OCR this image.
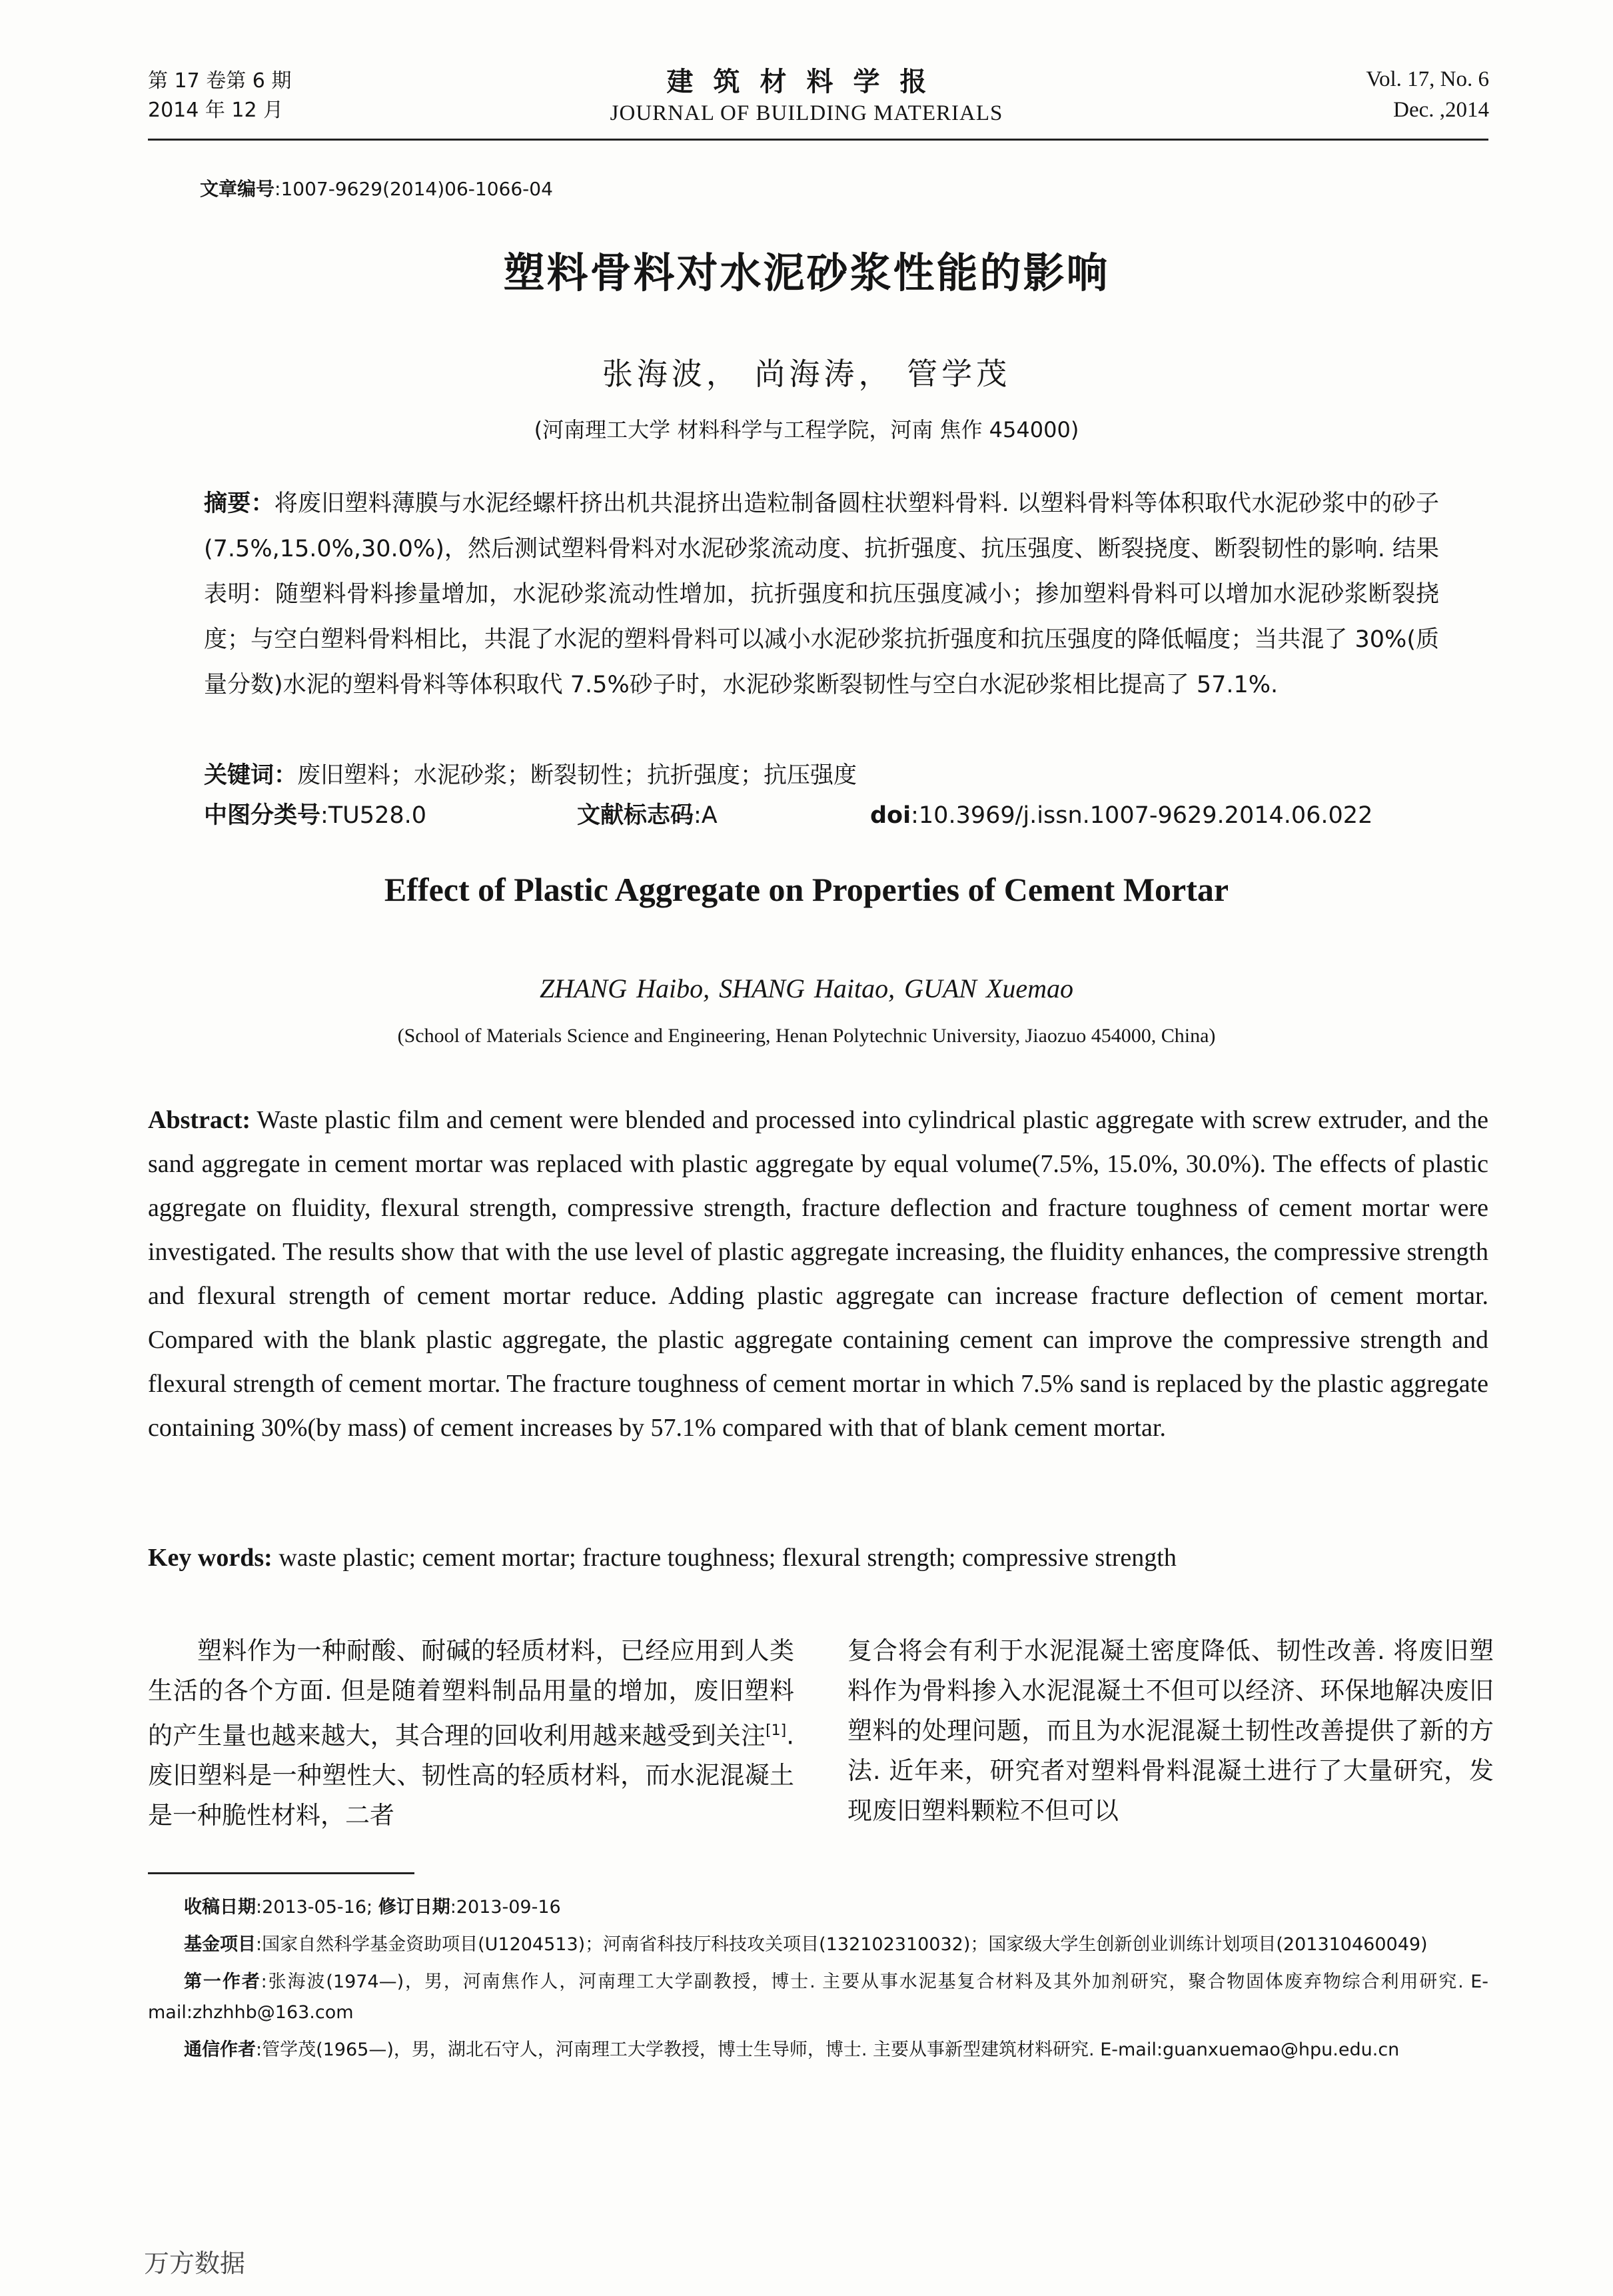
第 17 卷第 6 期
2014 年 12 月
建筑材料学报
JOURNAL OF BUILDING MATERIALS
Vol. 17, No. 6
Dec. ,2014
文章编号:1007-9629(2014)06-1066-04
塑料骨料对水泥砂浆性能的影响
张海波， 尚海涛， 管学茂
(河南理工大学 材料科学与工程学院，河南 焦作 454000)
摘要：将废旧塑料薄膜与水泥经螺杆挤出机共混挤出造粒制备圆柱状塑料骨料. 以塑料骨料等体积取代水泥砂浆中的砂子(7.5%,15.0%,30.0%)，然后测试塑料骨料对水泥砂浆流动度、抗折强度、抗压强度、断裂挠度、断裂韧性的影响. 结果表明：随塑料骨料掺量增加，水泥砂浆流动性增加，抗折强度和抗压强度减小；掺加塑料骨料可以增加水泥砂浆断裂挠度；与空白塑料骨料相比，共混了水泥的塑料骨料可以减小水泥砂浆抗折强度和抗压强度的降低幅度；当共混了 30%(质量分数)水泥的塑料骨料等体积取代 7.5%砂子时，水泥砂浆断裂韧性与空白水泥砂浆相比提高了 57.1%.
关键词：废旧塑料；水泥砂浆；断裂韧性；抗折强度；抗压强度
中图分类号:TU528.0	文献标志码:A	doi:10.3969/j.issn.1007-9629.2014.06.022
Effect of Plastic Aggregate on Properties of Cement Mortar
ZHANG Haibo, SHANG Haitao, GUAN Xuemao
(School of Materials Science and Engineering, Henan Polytechnic University, Jiaozuo 454000, China)
Abstract: Waste plastic film and cement were blended and processed into cylindrical plastic aggregate with screw extruder, and the sand aggregate in cement mortar was replaced with plastic aggregate by equal volume(7.5%, 15.0%, 30.0%). The effects of plastic aggregate on fluidity, flexural strength, compressive strength, fracture deflection and fracture toughness of cement mortar were investigated. The results show that with the use level of plastic aggregate increasing, the fluidity enhances, the compressive strength and flexural strength of cement mortar reduce. Adding plastic aggregate can increase fracture deflection of cement mortar. Compared with the blank plastic aggregate, the plastic aggregate containing cement can improve the compressive strength and flexural strength of cement mortar. The fracture toughness of cement mortar in which 7.5% sand is replaced by the plastic aggregate containing 30%(by mass) of cement increases by 57.1% compared with that of blank cement mortar.
Key words: waste plastic; cement mortar; fracture toughness; flexural strength; compressive strength
塑料作为一种耐酸、耐碱的轻质材料，已经应用到人类生活的各个方面. 但是随着塑料制品用量的增加，废旧塑料的产生量也越来越大，其合理的回收利用越来越受到关注[1]. 废旧塑料是一种塑性大、韧性高的轻质材料，而水泥混凝土是一种脆性材料，二者
复合将会有利于水泥混凝土密度降低、韧性改善. 将废旧塑料作为骨料掺入水泥混凝土不但可以经济、环保地解决废旧塑料的处理问题，而且为水泥混凝土韧性改善提供了新的方法. 近年来，研究者对塑料骨料混凝土进行了大量研究，发现废旧塑料颗粒不但可以

收稿日期:2013-05-16; 修订日期:2013-09-16

基金项目:国家自然科学基金资助项目(U1204513)；河南省科技厅科技攻关项目(132102310032)；国家级大学生创新创业训练计划项目(201310460049)

第一作者:张海波(1974—)，男，河南焦作人，河南理工大学副教授，博士. 主要从事水泥基复合材料及其外加剂研究，聚合物固体废弃物综合利用研究. E-mail:zhzhhb@163.com

通信作者:管学茂(1965—)，男，湖北石守人，河南理工大学教授，博士生导师，博士. 主要从事新型建筑材料研究. E-mail:guanxuemao@hpu.edu.cn

万方数据
